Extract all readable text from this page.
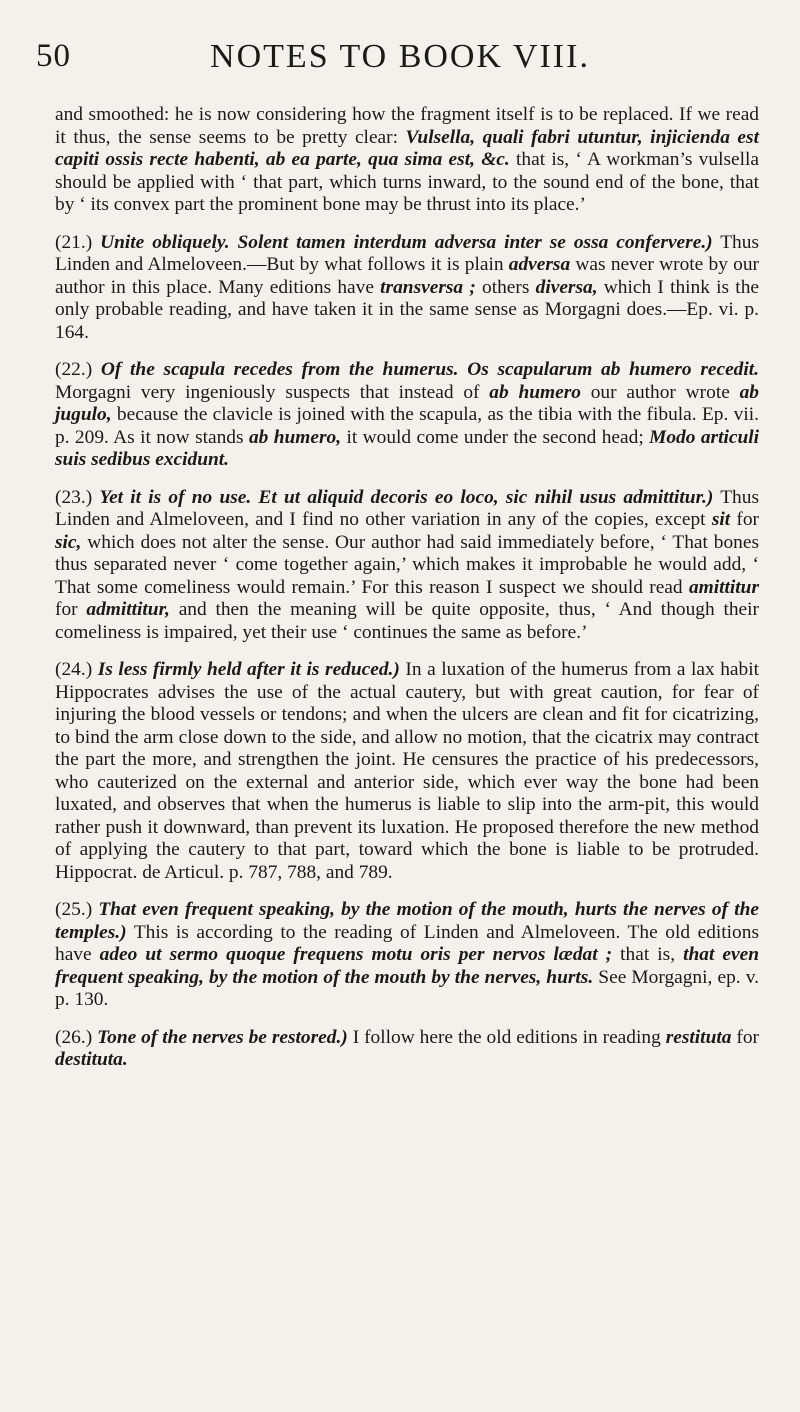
50	NOTES TO BOOK VIII.

and smoothed: he is now considering how the fragment itself is to be replaced. If we read it thus, the sense seems to be pretty clear: Vulsella, quali fabri utuntur, injicienda est capiti ossis recte habenti, ab ea parte, qua sima est, &c. that is, ‘ A workman’s vulsella should be applied with ‘ that part, which turns inward, to the sound end of the bone, that by ‘ its convex part the prominent bone may be thrust into its place.’

(21.) Unite obliquely. Solent tamen interdum adversa inter se ossa confervere.) Thus Linden and Almeloveen.—But by what follows it is plain adversa was never wrote by our author in this place. Many editions have transversa ; others diversa, which I think is the only probable reading, and have taken it in the same sense as Morgagni does.—Ep. vi. p. 164.

(22.) Of the scapula recedes from the humerus. Os scapularum ab humero recedit. Morgagni very ingeniously suspects that instead of ab humero our author wrote ab jugulo, because the clavicle is joined with the scapula, as the tibia with the fibula. Ep. vii. p. 209. As it now stands ab humero, it would come under the second head; Modo articuli suis sedibus excidunt.

(23.) Yet it is of no use. Et ut aliquid decoris eo loco, sic nihil usus admittitur.) Thus Linden and Almeloveen, and I find no other variation in any of the copies, except sit for sic, which does not alter the sense. Our author had said immediately before, ‘ That bones thus separated never ‘ come together again,’ which makes it improbable he would add, ‘ That some comeliness would remain.’ For this reason I suspect we should read amittitur for admittitur, and then the meaning will be quite opposite, thus, ‘ And though their comeliness is impaired, yet their use ‘ continues the same as before.’

(24.) Is less firmly held after it is reduced.) In a luxation of the humerus from a lax habit Hippocrates advises the use of the actual cautery, but with great caution, for fear of injuring the blood vessels or tendons; and when the ulcers are clean and fit for cicatrizing, to bind the arm close down to the side, and allow no motion, that the cicatrix may contract the part the more, and strengthen the joint. He censures the practice of his predecessors, who cauterized on the external and anterior side, which ever way the bone had been luxated, and observes that when the humerus is liable to slip into the arm-pit, this would rather push it downward, than prevent its luxation. He proposed therefore the new method of applying the cautery to that part, toward which the bone is liable to be protruded. Hippocrat. de Articul. p. 787, 788, and 789.

(25.) That even frequent speaking, by the motion of the mouth, hurts the nerves of the temples.) This is according to the reading of Linden and Almeloveen. The old editions have adeo ut sermo quoque frequens motu oris per nervos lædat ; that is, that even frequent speaking, by the motion of the mouth by the nerves, hurts. See Morgagni, ep. v. p. 130.

(26.) Tone of the nerves be restored.) I follow here the old editions in reading restituta for destituta.
